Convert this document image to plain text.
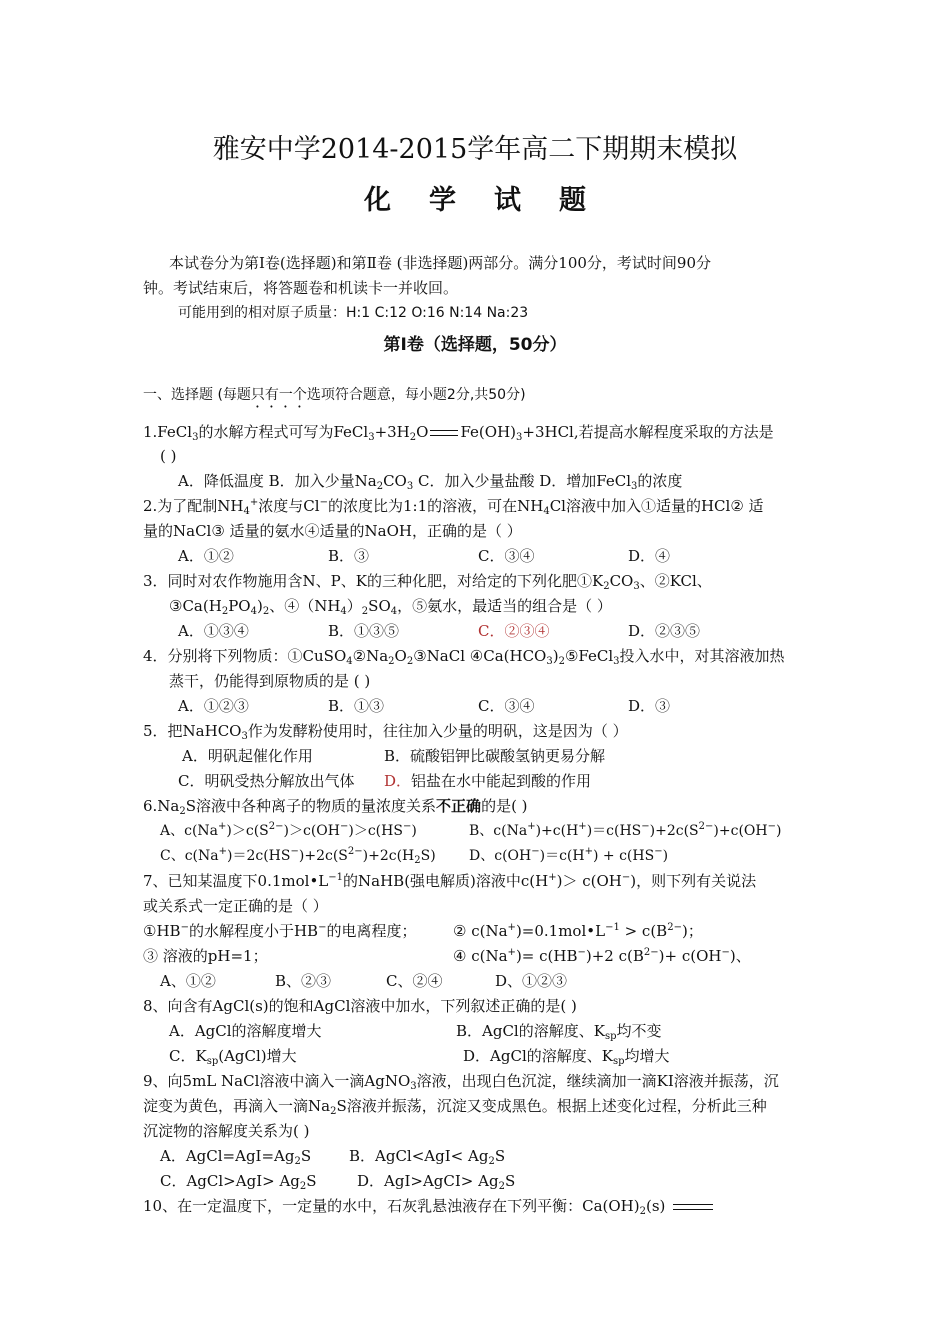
雅安中学2014-2015学年高二下期期末模拟
化学试题
本试卷分为第Ⅰ卷(选择题)和第Ⅱ卷 (非选择题)两部分。满分100分，考试时间90分
钟。考试结束后，将答题卷和机读卡一并收回。
可能用到的相对原子质量：H:1 C:12 O:16 N:14 Na:23
第Ⅰ卷（选择题，50分）
一、选择题 (每题只有一个选项符合题意，每小题2分,共50分)
1.FeCl$_3$的水解方程式可写为$FeCl_3+3H_2O$ $Fe(OH)_3+3HCl$,若提高水解程度采取的方法是
( )
A．降低温度 B．加入少量$Na_2CO_3$ C．加入少量盐酸 D．增加FeCl$_3$的浓度
2.为了配制$NH_4^+$浓度与Cl−的浓度比为1:1的溶液，可在$NH_4Cl$溶液中加入①适量的HCl② 适
量的NaCl③ 适量的氨水④适量的NaOH，正确的是（ ）
A．①②	B．③	C．③④	D．④
3．同时对农作物施用含N、P、K的三种化肥，对给定的下列化肥$①K_2CO_3$、②KCl、
$③Ca(H_2PO_4)_2$、$④(NH_4)_2SO_4$，⑤氨水，最适当的组合是（ ）
A．①③④	B．①③⑤	C．②③④	D．②③⑤
4．分别将下列物质：$①CuSO_4②Na_2O_2③NaCl$ $④Ca(HCO_3)_2⑤FeCl_3$投入水中，对其溶液加热
蒸干，仍能得到原物质的是 ( )
A．①②③	B．①③	C．③④	D．③
5．把NaHCO$_3$作为发酵粉使用时，往往加入少量的明矾，这是因为（ ）
A．明矾起催化作用	B．硫酸铝钾比碳酸氢钠更易分解
C．明矾受热分解放出气体 D．铝盐在水中能起到酸的作用
$6.Na_2S$溶液中各种离子的物质的量浓度关系不正确的是( )
A、$c(Na^+)>c(S^{2-})>c(OH^-)>c(HS^-)$	B、$c(Na^+)+c(H^+)=c(HS^-)+2c(S^{2-})+c(OH^-)$
C、$c(Na^+)=2c(HS^-)+2c(S^{2-})+2c(H_2S)$ D、c(OH−)＝c(H+) + c(HS−)
7、已知某温度下$0.1mol•L^{-1}$的NaHB(强电解质)溶液中c(H+)＞ c(OH−)，则下列有关说法
或关系式一定正确的是（ ）
①HB−的水解程度小于HB−的电离程度； ② $c(Na^+)=0.1mol•L^{-1} > c(B^{2-})$；
③ 溶液的pH=1；	④ c(Na+)= c(HB−)+2 $c(B^{2-})+ c(OH^-)$、
A、①②	B、②③	C、②④	D、①②③
8、向含有AgCl(s)的饱和AgCl溶液中加水，下列叙述正确的是( )
A．AgCl的溶解度增大	B．AgCl的溶解度、$K_{sp}$均不变
C．$K_{sp}(AgCl)$增大	D．AgCl的溶解度、$K_{sp}$均增大
9、向5mL NaCl溶液中滴入一滴AgNO$_3$溶液，出现白色沉淀，继续滴加一滴KI溶液并振荡，沉
淀变为黄色，再滴入一滴$Na_2S$溶液并振荡，沉淀又变成黑色。根据上述变化过程，分析此三种
沉淀物的溶解度关系为( )
A．$AgCl=AgI=Ag_2S$	B．AgCl<AgI< $Ag_2S$
C．AgCl>AgI> $Ag_2S$	D．AgI>AgCI> $Ag_2S$
10、在一定温度下，一定量的水中，石灰乳悬浊液存在下列平衡：$Ca(OH)_2(s)$
